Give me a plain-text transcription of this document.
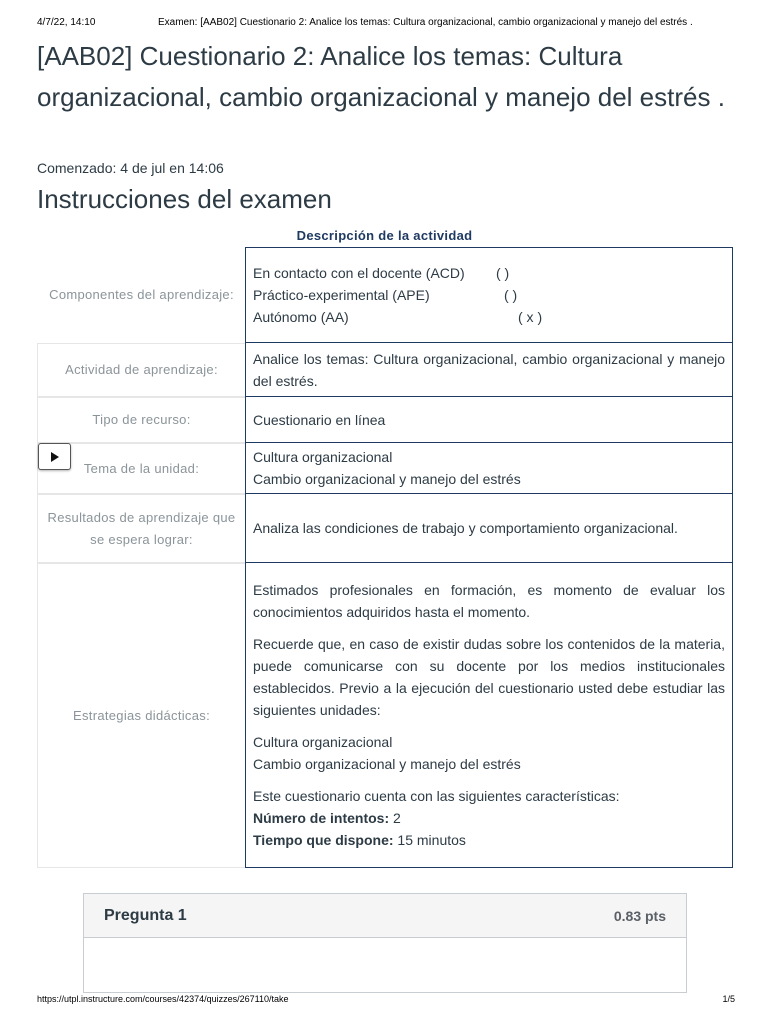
4/7/22, 14:10	Examen: [AAB02] Cuestionario 2: Analice los temas: Cultura organizacional, cambio organizacional y manejo del estrés .
[AAB02] Cuestionario 2: Analice los temas: Cultura organizacional, cambio organizacional y manejo del estrés .
Comenzado: 4 de jul en 14:06
Instrucciones del examen
Descripción de la actividad
Componentes del aprendizaje:
En contacto con el docente (ACD)	( )
Práctico-experimental (APE)	( )
Autónomo (AA)	( x )
Actividad de aprendizaje:
Analice los temas: Cultura organizacional, cambio organizacional y manejo del estrés.
Tipo de recurso:	Cuestionario en línea
Tema de la unidad:
Cultura organizacional
Cambio organizacional y manejo del estrés
Resultados de aprendizaje que se espera lograr:
Analiza las condiciones de trabajo y comportamiento organizacional.
Estrategias didácticas:
Estimados profesionales en formación, es momento de evaluar los conocimientos adquiridos hasta el momento.
Recuerde que, en caso de existir dudas sobre los contenidos de la materia, puede comunicarse con su docente por los medios institucionales establecidos. Previo a la ejecución del cuestionario usted debe estudiar las siguientes unidades:
Cultura organizacional
Cambio organizacional y manejo del estrés
Este cuestionario cuenta con las siguientes características:
Número de intentos: 2
Tiempo que dispone: 15 minutos
Pregunta 1	0.83 pts
https://utpl.instructure.com/courses/42374/quizzes/267110/take	1/5
